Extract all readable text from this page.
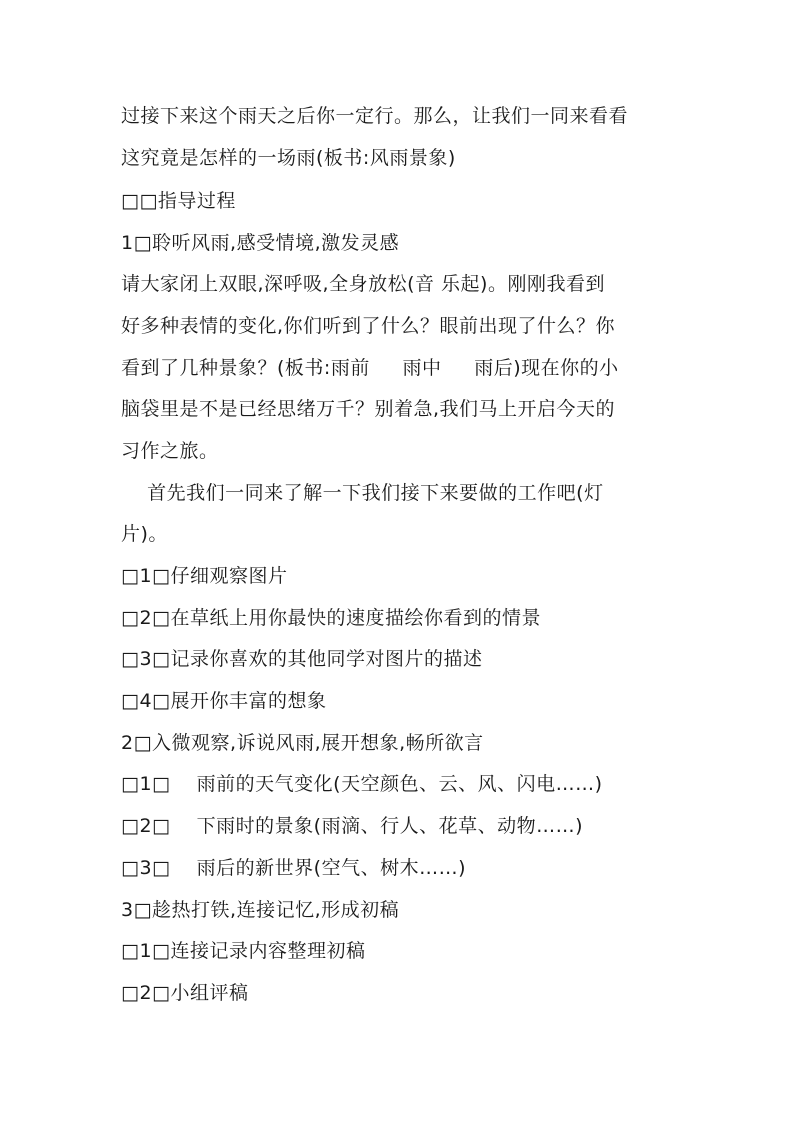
过接下来这个雨天之后你一定行。那么，让我们一同来看看
这究竟是怎样的一场雨(板书:风雨景象)
□□指导过程
1□聆听风雨,感受情境,激发灵感
请大家闭上双眼,深呼吸,全身放松(音 乐起)。刚刚我看到
好多种表情的变化,你们听到了什么？眼前出现了什么？你
看到了几种景象？(板书:雨前     雨中     雨后)现在你的小
脑袋里是不是已经思绪万千？别着急,我们马上开启今天的
习作之旅。
首先我们一同来了解一下我们接下来要做的工作吧(灯
片)。
□1□仔细观察图片
□2□在草纸上用你最快的速度描绘你看到的情景
□3□记录你喜欢的其他同学对图片的描述
□4□展开你丰富的想象
2□入微观察,诉说风雨,展开想象,畅所欲言
□1□    雨前的天气变化(天空颜色、云、风、闪电……)
□2□    下雨时的景象(雨滴、行人、花草、动物……)
□3□    雨后的新世界(空气、树木……)
3□趁热打铁,连接记忆,形成初稿
□1□连接记录内容整理初稿
□2□小组评稿
